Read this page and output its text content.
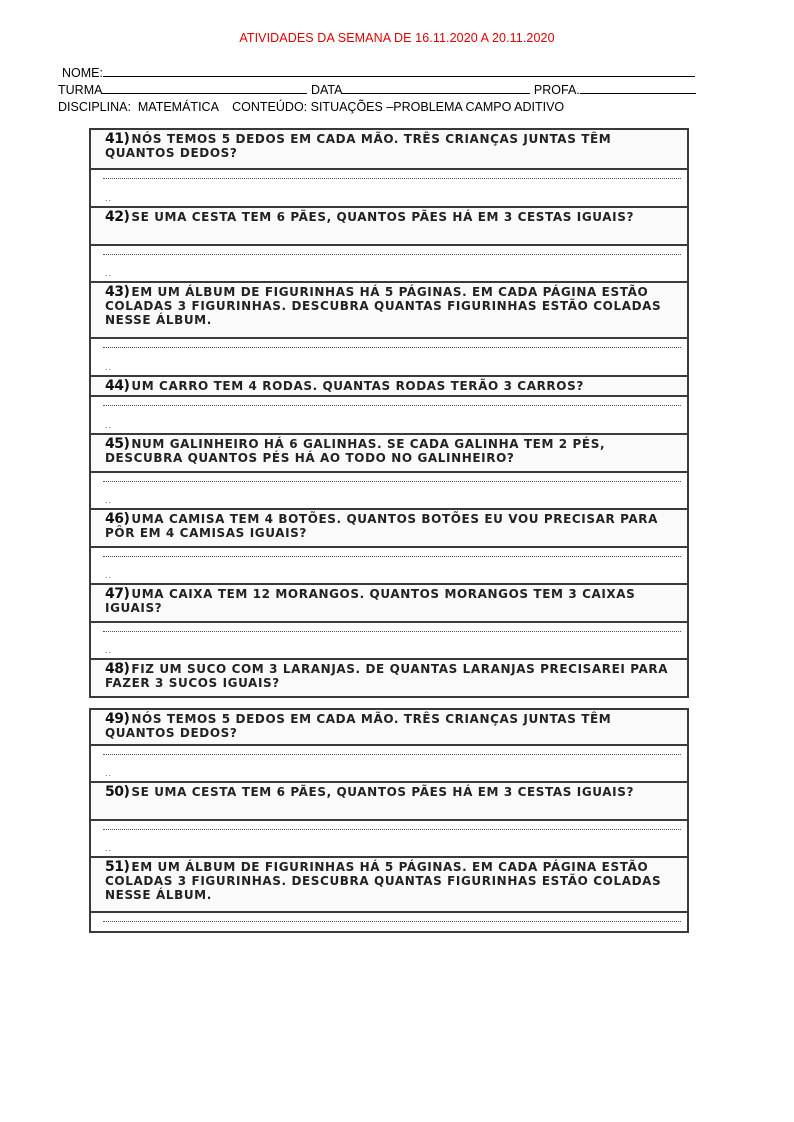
ATIVIDADES DA SEMANA DE 16.11.2020 A 20.11.2020
NOME:
TURMA	DATA	PROFA.
DISCIPLINA: MATEMÁTICA CONTEÚDO: SITUAÇÕES –PROBLEMA CAMPO ADITIVO
41) NÓS TEMOS 5 DEDOS EM CADA MÃO. TRÊS CRIANÇAS JUNTAS TÊM QUANTOS DEDOS?
..
42) SE UMA CESTA TEM 6 PÃES, QUANTOS PÃES HÁ EM 3 CESTAS IGUAIS?
..
43) EM UM ÁLBUM DE FIGURINHAS HÁ 5 PÁGINAS. EM CADA PÁGINA ESTÃO COLADAS 3 FIGURINHAS. DESCUBRA QUANTAS FIGURINHAS ESTÃO COLADAS NESSE ÁLBUM.
..
44) UM CARRO TEM 4 RODAS. QUANTAS RODAS TERÃO 3 CARROS?
..
45) NUM GALINHEIRO HÁ 6 GALINHAS. SE CADA GALINHA TEM 2 PÉS, DESCUBRA QUANTOS PÉS HÁ AO TODO NO GALINHEIRO?
..
46) UMA CAMISA TEM 4 BOTÕES. QUANTOS BOTÕES EU VOU PRECISAR PARA PÔR EM 4 CAMISAS IGUAIS?
..
47) UMA CAIXA TEM 12 MORANGOS. QUANTOS MORANGOS TEM 3 CAIXAS IGUAIS?
..
48) FIZ UM SUCO COM 3 LARANJAS. DE QUANTAS LARANJAS PRECISAREI PARA FAZER 3 SUCOS IGUAIS?
49) NÓS TEMOS 5 DEDOS EM CADA MÃO. TRÊS CRIANÇAS JUNTAS TÊM QUANTOS DEDOS?
..
50) SE UMA CESTA TEM 6 PÃES, QUANTOS PÃES HÁ EM 3 CESTAS IGUAIS?
..
51) EM UM ÁLBUM DE FIGURINHAS HÁ 5 PÁGINAS. EM CADA PÁGINA ESTÃO COLADAS 3 FIGURINHAS. DESCUBRA QUANTAS FIGURINHAS ESTÃO COLADAS NESSE ÁLBUM.
